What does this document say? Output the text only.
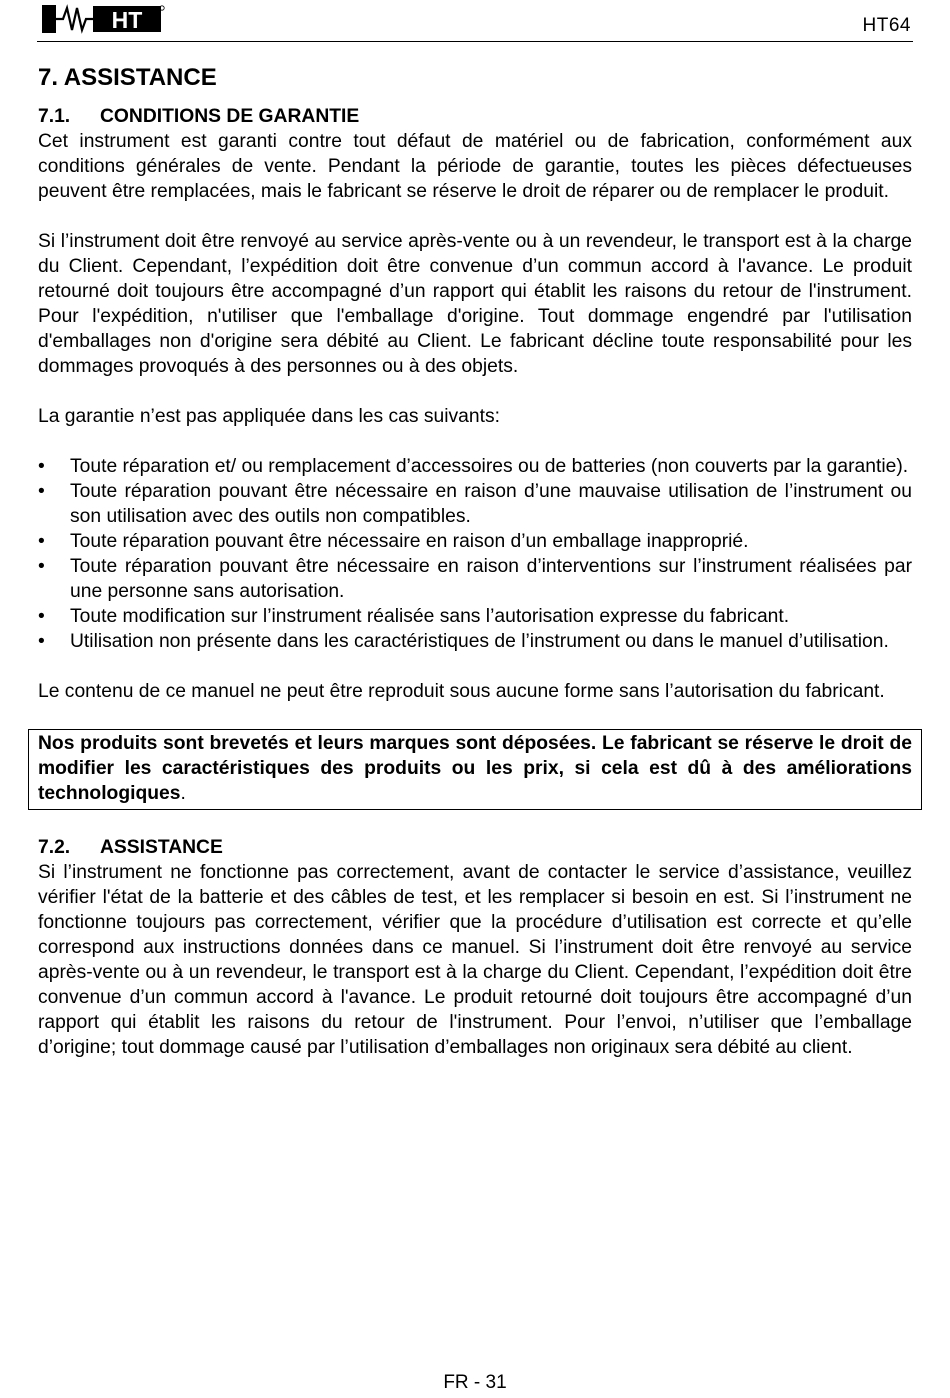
HT	HT64
7. ASSISTANCE
7.1. CONDITIONS DE GARANTIE

Cet instrument est garanti contre tout défaut de matériel ou de fabrication, conformément aux conditions générales de vente. Pendant la période de garantie, toutes les pièces défectueuses peuvent être remplacées, mais le fabricant se réserve le droit de réparer ou de remplacer le produit.

Si l’instrument doit être renvoyé au service après-vente ou à un revendeur, le transport est à la charge du Client. Cependant, l’expédition doit être convenue d’un commun accord à l'avance. Le produit retourné doit toujours être accompagné d’un rapport qui établit les raisons du retour de l'instrument. Pour l'expédition, n'utiliser que l'emballage d'origine. Tout dommage engendré par l'utilisation d'emballages non d'origine sera débité au Client. Le fabricant décline toute responsabilité pour les dommages provoqués à des personnes ou à des objets.

La garantie n’est pas appliquée dans les cas suivants:

• Toute réparation et/ ou remplacement d’accessoires ou de batteries (non couverts par la garantie).
• Toute réparation pouvant être nécessaire en raison d’une mauvaise utilisation de l’instrument ou son utilisation avec des outils non compatibles.
• Toute réparation pouvant être nécessaire en raison d’un emballage inapproprié.
• Toute réparation pouvant être nécessaire en raison d’interventions sur l’instrument réalisées par une personne sans autorisation.
• Toute modification sur l’instrument réalisée sans l’autorisation expresse du fabricant.
• Utilisation non présente dans les caractéristiques de l’instrument ou dans le manuel d’utilisation.

Le contenu de ce manuel ne peut être reproduit sous aucune forme sans l’autorisation du fabricant.

Nos produits sont brevetés et leurs marques sont déposées. Le fabricant se réserve le droit de modifier les caractéristiques des produits ou les prix, si cela est dû à des améliorations technologiques.
7.2. ASSISTANCE

Si l’instrument ne fonctionne pas correctement, avant de contacter le service d’assistance, veuillez vérifier l'état de la batterie et des câbles de test, et les remplacer si besoin en est. Si l’instrument ne fonctionne toujours pas correctement, vérifier que la procédure d’utilisation est correcte et qu’elle correspond aux instructions données dans ce manuel. Si l’instrument doit être renvoyé au service après-vente ou à un revendeur, le transport est à la charge du Client. Cependant, l’expédition doit être convenue d’un commun accord à l'avance. Le produit retourné doit toujours être accompagné d’un rapport qui établit les raisons du retour de l'instrument. Pour l’envoi, n’utiliser que l’emballage d’origine; tout dommage causé par l’utilisation d’emballages non originaux sera débité au client.

FR - 31
